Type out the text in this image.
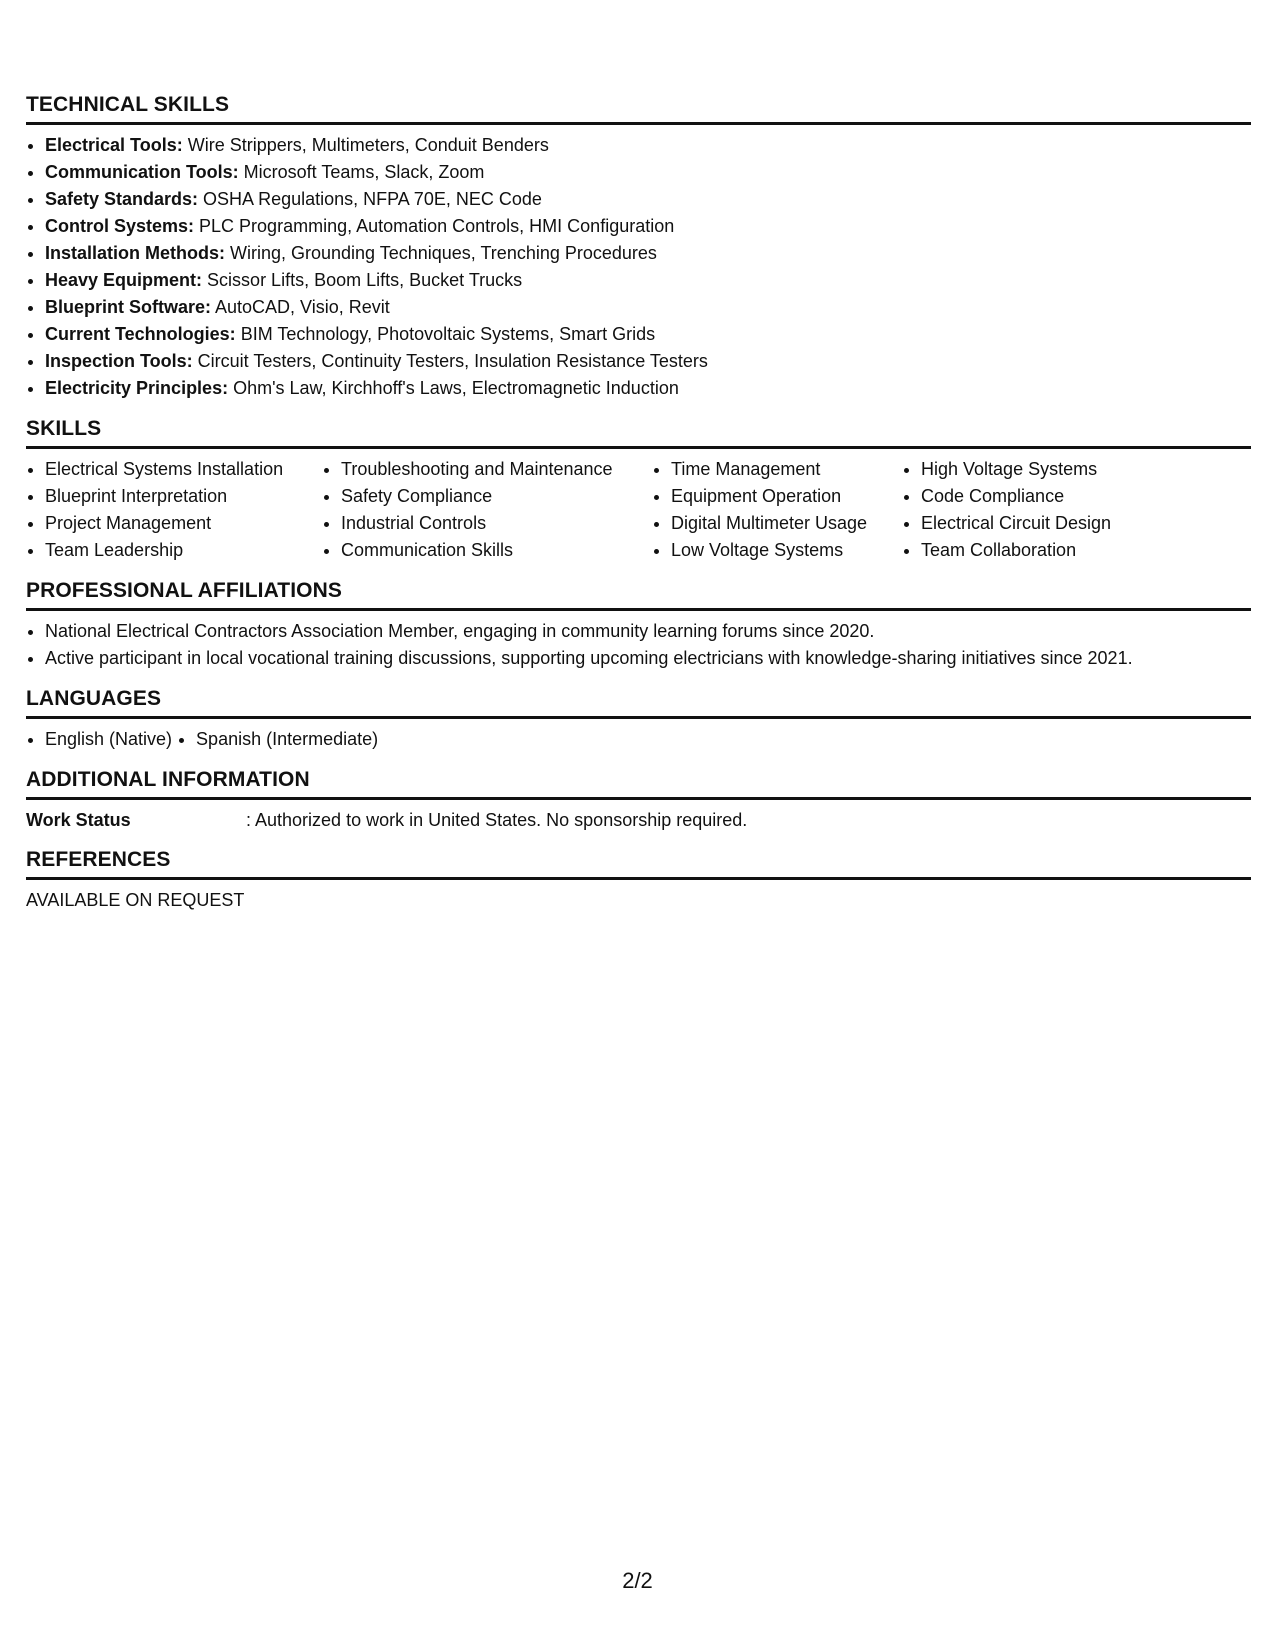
TECHNICAL SKILLS
• Electrical Tools: Wire Strippers, Multimeters, Conduit Benders
• Communication Tools: Microsoft Teams, Slack, Zoom
• Safety Standards: OSHA Regulations, NFPA 70E, NEC Code
• Control Systems: PLC Programming, Automation Controls, HMI Configuration
• Installation Methods: Wiring, Grounding Techniques, Trenching Procedures
• Heavy Equipment: Scissor Lifts, Boom Lifts, Bucket Trucks
• Blueprint Software: AutoCAD, Visio, Revit
• Current Technologies: BIM Technology, Photovoltaic Systems, Smart Grids
• Inspection Tools: Circuit Testers, Continuity Testers, Insulation Resistance Testers
• Electricity Principles: Ohm's Law, Kirchhoff's Laws, Electromagnetic Induction
SKILLS
• Electrical Systems Installation
• Blueprint Interpretation
• Project Management
• Team Leadership
• Troubleshooting and Maintenance
• Safety Compliance
• Industrial Controls
• Communication Skills
• Time Management
• Equipment Operation
• Digital Multimeter Usage
• Low Voltage Systems
• High Voltage Systems
• Code Compliance
• Electrical Circuit Design
• Team Collaboration
PROFESSIONAL AFFILIATIONS
• National Electrical Contractors Association Member, engaging in community learning forums since 2020.
• Active participant in local vocational training discussions, supporting upcoming electricians with knowledge-sharing initiatives since 2021.
LANGUAGES
• English (Native)
• Spanish (Intermediate)
ADDITIONAL INFORMATION
Work Status	: Authorized to work in United States. No sponsorship required.
REFERENCES
AVAILABLE ON REQUEST
2/2
